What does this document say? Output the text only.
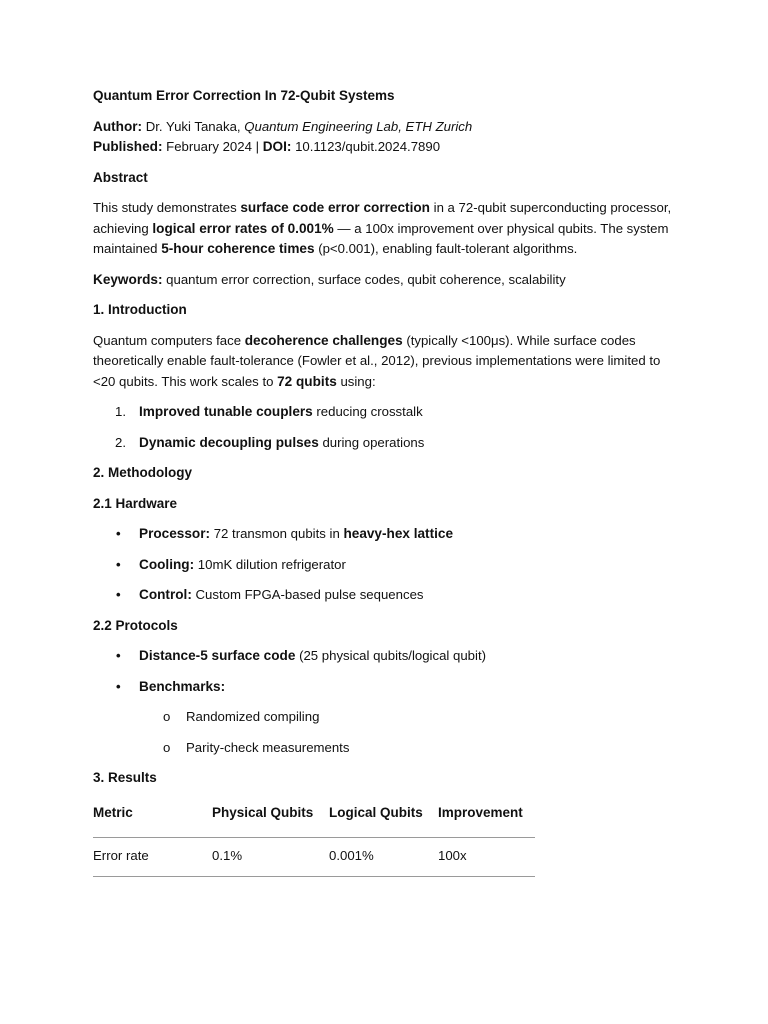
Quantum Error Correction In 72-Qubit Systems
Author: Dr. Yuki Tanaka, Quantum Engineering Lab, ETH Zurich
Published: February 2024 | DOI: 10.1123/qubit.2024.7890
Abstract

This study demonstrates surface code error correction in a 72-qubit superconducting processor, achieving logical error rates of 0.001% — a 100x improvement over physical qubits. The system maintained 5-hour coherence times (p<0.001), enabling fault-tolerant algorithms.

Keywords: quantum error correction, surface codes, qubit coherence, scalability

1. Introduction

Quantum computers face decoherence challenges (typically <100μs). While surface codes theoretically enable fault-tolerance (Fowler et al., 2012), previous implementations were limited to <20 qubits. This work scales to 72 qubits using:

1. Improved tunable couplers reducing crosstalk
2. Dynamic decoupling pulses during operations
2. Methodology
2.1 Hardware
• Processor: 72 transmon qubits in heavy-hex lattice
• Cooling: 10mK dilution refrigerator
• Control: Custom FPGA-based pulse sequences
2.2 Protocols
• Distance-5 surface code (25 physical qubits/logical qubit)
• Benchmarks:
o Randomized compiling
o Parity-check measurements
3. Results
Metric	Physical Qubits	Logical Qubits	Improvement

Error rate	0.1%	0.001%	100x
